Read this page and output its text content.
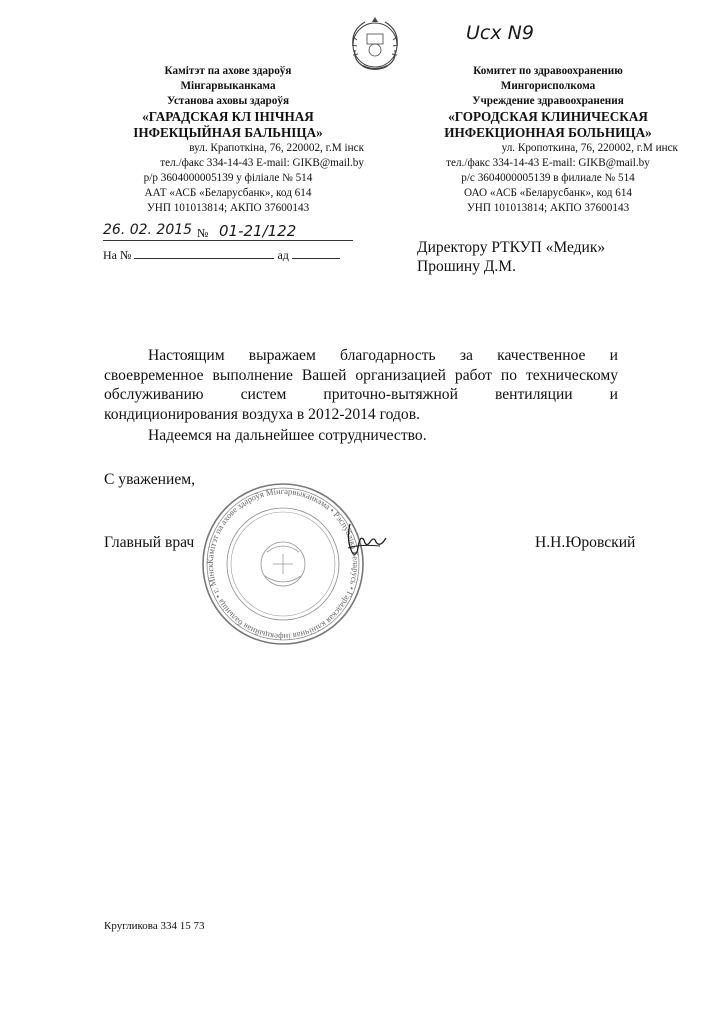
Ucx N9
Камітэт па ахове здароўя
Мінгарвыканкама
Установа аховы здароўя
«ГАРАДСКАЯ КЛ ІНІЧНАЯ
ІНФЕКЦЫЙНАЯ БАЛЬНІЦА»
вул. Крапоткіна, 76, 220002, г.М інск
тел./факс 334-14-43 E-mail: GIKB@mail.by
р/р 3604000005139 у філіале № 514
ААТ «АСБ «Беларусбанк», код 614
УНП 101013814; АКПО 37600143
Комитет по здравоохранению
Мингорисполкома
Учреждение здравоохранения
«ГОРОДСКАЯ КЛИНИЧЕСКАЯ
ИНФЕКЦИОННАЯ БОЛЬНИЦА»
ул. Кропоткина, 76, 220002, г.М инск
тел./факс 334-14-43 E-mail: GIKB@mail.by
р/с 3604000005139 в филиале № 514
ОАО «АСБ «Беларусбанк», код 614
УНП 101013814; АКПО 37600143
26. 02. 2015 № 01-21/122
На №	ад	Директору РТКУП «Медик»
Прошину Д.М.

Настоящим выражаем благодарность за качественное и своевременное выполнение Вашей организацией работ по техническому обслуживанию систем приточно-вытяжной вентиляции и кондиционирования воздуха в 2012-2014 годов.

Надеемся на дальнейшее сотрудничество.

С уважением,
Камітэт па ахове здароўя Мінгарвыканкама • Рэспубліка Беларусь • Гарадская клінічная інфекцыйная бальніца • г. Мінск
Главный врач	Н.Н.Юровский
Кругликова 334 15 73
